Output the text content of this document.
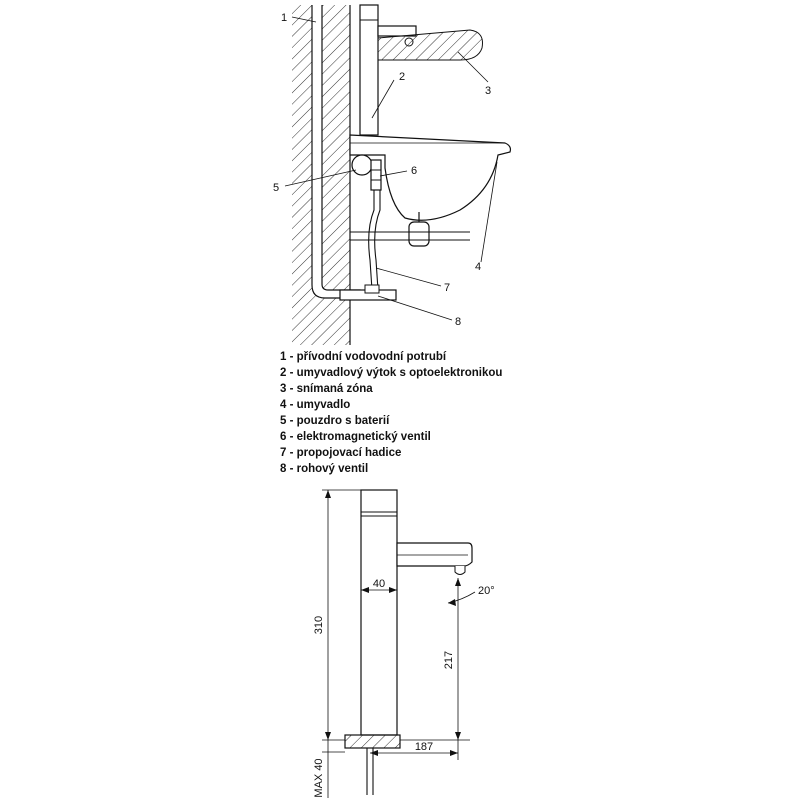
1
2
3
4
5
6
7
8
1 - přívodní vodovodní potrubí
2 - umyvadlový výtok s optoelektronikou
3 - snímaná zóna
4 - umyvadlo
5 - pouzdro s baterií
6 - elektromagnetický ventil
7 - propojovací hadice
8 - rohový ventil
310
217
40
187
20°
MAX 40
